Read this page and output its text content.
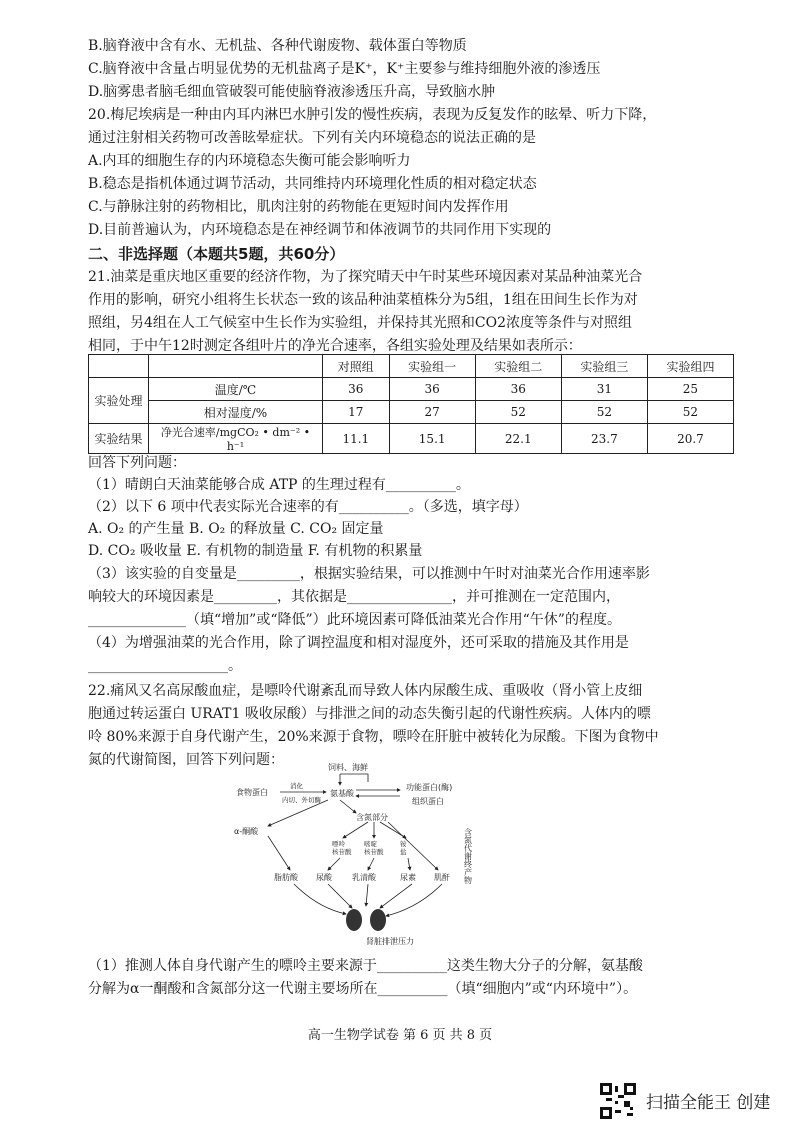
B.脑脊液中含有水、无机盐、各种代谢废物、载体蛋白等物质
C.脑脊液中含量占明显优势的无机盐离子是K⁺，K⁺主要参与维持细胞外液的渗透压
D.脑雾患者脑毛细血管破裂可能使脑脊液渗透压升高，导致脑水肿
20.梅尼埃病是一种由内耳内淋巴水肿引发的慢性疾病，表现为反复发作的眩晕、听力下降，
通过注射相关药物可改善眩晕症状。下列有关内环境稳态的说法正确的是
A.内耳的细胞生存的内环境稳态失衡可能会影响听力
B.稳态是指机体通过调节活动，共同维持内环境理化性质的相对稳定状态
C.与静脉注射的药物相比，肌肉注射的药物能在更短时间内发挥作用
D.目前普遍认为，内环境稳态是在神经调节和体液调节的共同作用下实现的
二、非选择题（本题共5题，共60分）
21.油菜是重庆地区重要的经济作物，为了探究晴天中午时某些环境因素对某品种油菜光合
作用的影响，研究小组将生长状态一致的该品种油菜植株分为5组，1组在田间生长作为对
照组，另4组在人工气候室中生长作为实验组，并保持其光照和CO2浓度等条件与对照组
相同，于中午12时测定各组叶片的净光合速率，各组实验处理及结果如表所示：
		对照组	实验组一	实验组二	实验组三	实验组四
实验处理	温度/℃	36	36	36	31	25
	相对湿度/%	17	27	52	52	52
实验结果	净光合速率/mgCO₂ • dm⁻² • h⁻¹	11.1	15.1	22.1	23.7	20.7
回答下列问题：
（1）晴朗白天油菜能够合成 ATP 的生理过程有__________。
（2）以下 6 项中代表实际光合速率的有__________。（多选，填字母）
A. O₂ 的产生量 B. O₂ 的释放量 C. CO₂ 固定量
D. CO₂ 吸收量 E. 有机物的制造量 F. 有机物的积累量
（3）该实验的自变量是_________，根据实验结果，可以推测中午时对油菜光合作用速率影
响较大的环境因素是_________，其依据是_______________，并可推测在一定范围内，
______________（填“增加”或“降低”）此环境因素可降低油菜光合作用“午休”的程度。
（4）为增强油菜的光合作用，除了调控温度和相对湿度外，还可采取的措施及其作用是
____________________。
22.痛风又名高尿酸血症，是嘌呤代谢紊乱而导致人体内尿酸生成、重吸收（肾小管上皮细
胞通过转运蛋白 URAT1 吸收尿酸）与排泄之间的动态失衡引起的代谢性疾病。人体内的嘌
呤 80%来源于自身代谢产生，20%来源于食物，嘌呤在肝脏中被转化为尿酸。下图为食物中
氮的代谢简图，回答下列问题：	饲料、海鲜
食物蛋白
消化
内切、外切酶
氨基酸
功能蛋白(酶)
组织蛋白
α-酮酸
含氮部分
嘌呤核苷酸
嘧啶核苷酸
铵盐
脂肪酸 尿酸	乳清酸	尿素 肌酐 含氮代谢终产物
肾脏排泄压力
（1）推测人体自身代谢产生的嘌呤主要来源于__________这类生物大分子的分解，氨基酸
分解为α一酮酸和含氮部分这一代谢主要场所在__________（填“细胞内”或“内环境中”）。
高一生物学试卷 第 6 页 共 8 页
扫描全能王 创建
